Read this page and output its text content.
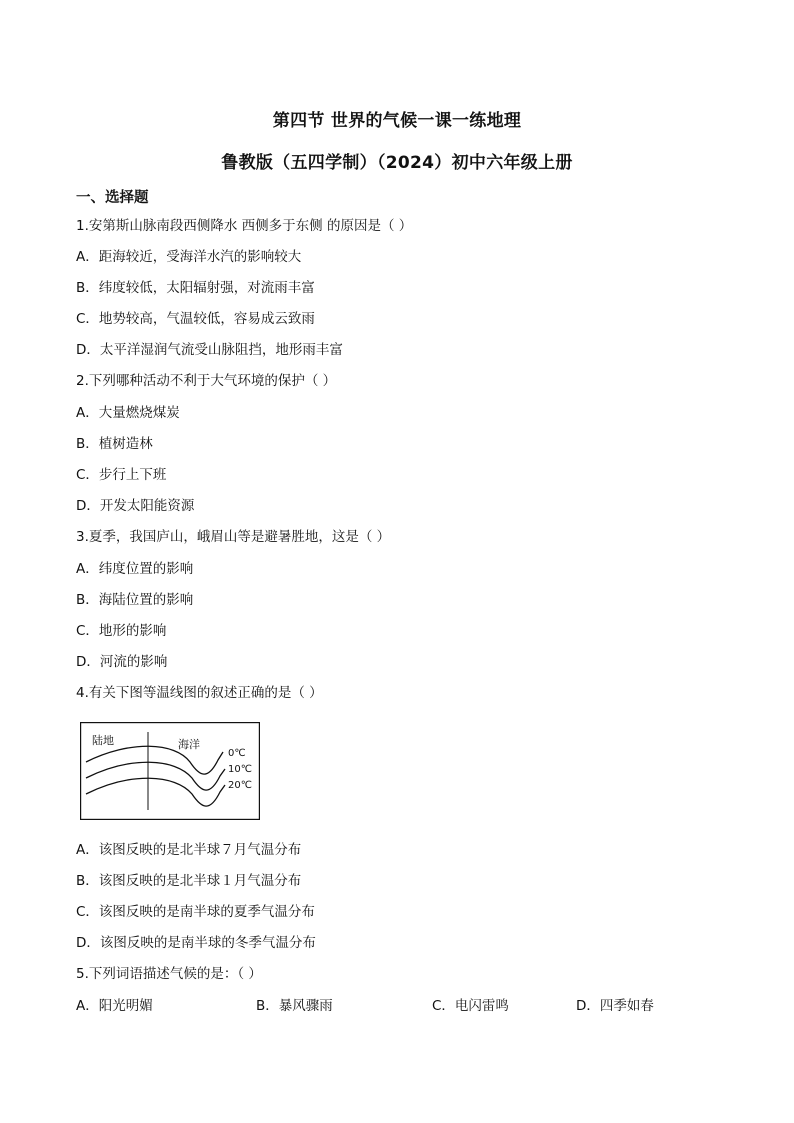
第四节 世界的气候一课一练地理
鲁教版（五四学制）（2024）初中六年级上册
一、选择题
1.安第斯山脉南段西侧降水 西侧多于东侧 的原因是（ ）
A．距海较近，受海洋水汽的影响较大
B．纬度较低，太阳辐射强，对流雨丰富
C．地势较高，气温较低，容易成云致雨
D．太平洋湿润气流受山脉阻挡，地形雨丰富
2.下列哪种活动不利于大气环境的保护（ ）
A．大量燃烧煤炭
B．植树造林
C．步行上下班
D．开发太阳能资源
3.夏季，我国庐山，峨眉山等是避暑胜地，这是（ ）
A．纬度位置的影响
B．海陆位置的影响
C．地形的影响
D．河流的影响
4.有关下图等温线图的叙述正确的是（ ）
陆地	海洋
0℃
10℃
20℃
A．该图反映的是北半球７月气温分布
B．该图反映的是北半球１月气温分布
C．该图反映的是南半球的夏季气温分布
D．该图反映的是南半球的冬季气温分布
5.下列词语描述气候的是：（ ）
A．阳光明媚	B．暴风骤雨	C．电闪雷鸣	D．四季如春
